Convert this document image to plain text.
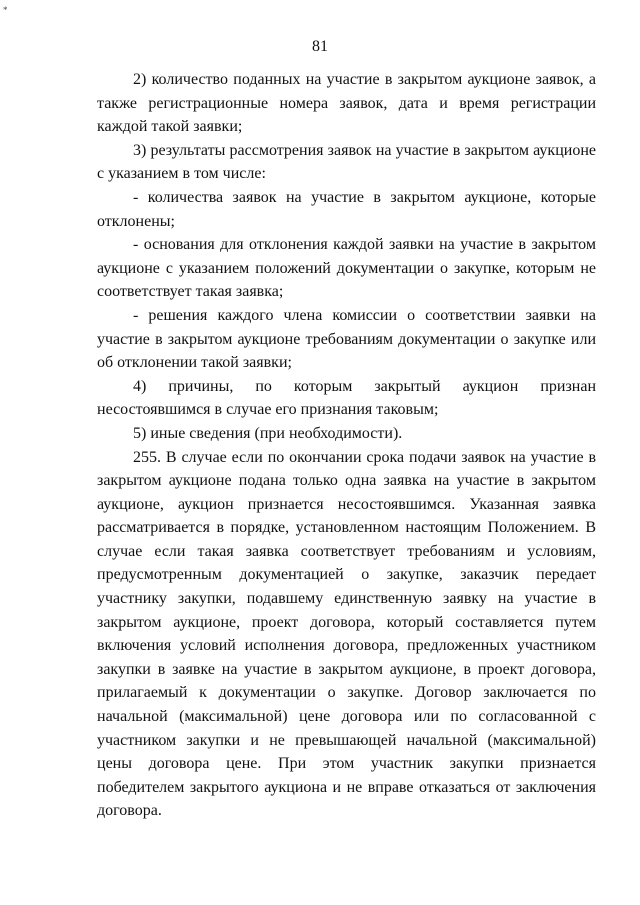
*
81

2) количество поданных на участие в закрытом аукционе заявок, а также регистрационные номера заявок, дата и время регистрации каждой такой заявки;

3) результаты рассмотрения заявок на участие в закрытом аукционе с указанием в том числе:

- количества заявок на участие в закрытом аукционе, которые отклонены;

- основания для отклонения каждой заявки на участие в закрытом аукционе с указанием положений документации о закупке, которым не соответствует такая заявка;

- решения каждого члена комиссии о соответствии заявки на участие в закрытом аукционе требованиям документации о закупке или об отклонении такой заявки;

4) причины, по которым закрытый аукцион признан несостоявшимся в случае его признания таковым;

5) иные сведения (при необходимости).

255. В случае если по окончании срока подачи заявок на участие в закрытом аукционе подана только одна заявка на участие в закрытом аукционе, аукцион признается несостоявшимся. Указанная заявка рассматривается в порядке, установленном настоящим Положением. В случае если такая заявка соответствует требованиям и условиям, предусмотренным документацией о закупке, заказчик передает участнику закупки, подавшему единственную заявку на участие в закрытом аукционе, проект договора, который составляется путем включения условий исполнения договора, предложенных участником закупки в заявке на участие в закрытом аукционе, в проект договора, прилагаемый к документации о закупке. Договор заключается по начальной (максимальной) цене договора или по согласованной с участником закупки и не превышающей начальной (максимальной) цены договора цене. При этом участник закупки признается победителем закрытого аукциона и не вправе отказаться от заключения договора.
